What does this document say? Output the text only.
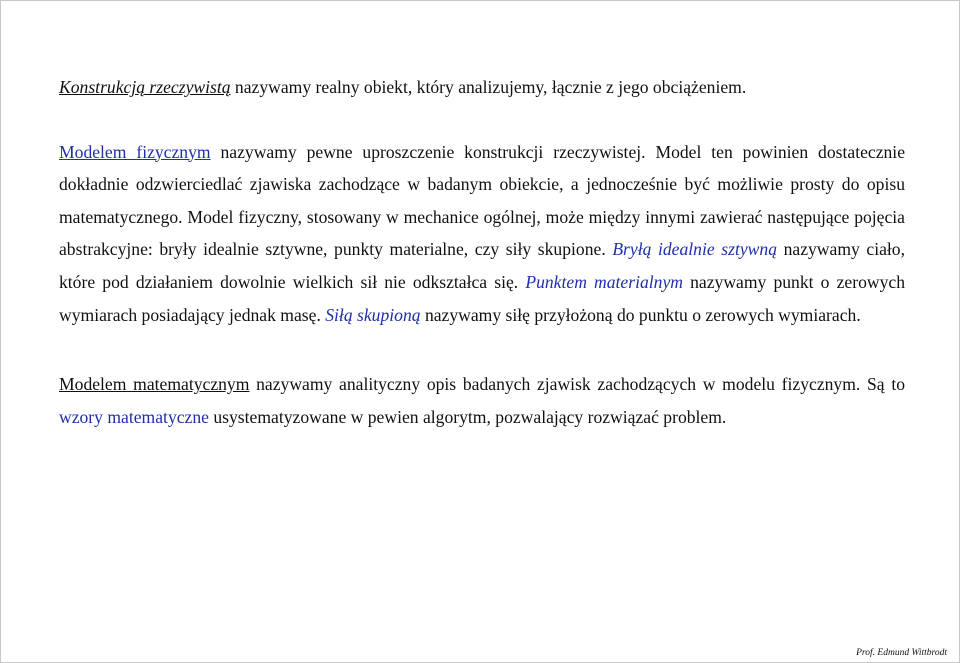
Konstrukcją rzeczywistą nazywamy realny obiekt, który analizujemy, łącznie z jego obciążeniem.

Modelem fizycznym nazywamy pewne uproszczenie konstrukcji rzeczywistej. Model ten powinien dostatecznie dokładnie odzwierciedlać zjawiska zachodzące w badanym obiekcie, a jednocześnie być możliwie prosty do opisu matematycznego. Model fizyczny, stosowany w mechanice ogólnej, może między innymi zawierać następujące pojęcia abstrakcyjne: bryły idealnie sztywne, punkty materialne, czy siły skupione. Bryłą idealnie sztywną nazywamy ciało, które pod działaniem dowolnie wielkich sił nie odkształca się. Punktem materialnym nazywamy punkt o zerowych wymiarach posiadający jednak masę. Siłą skupioną nazywamy siłę przyłożoną do punktu o zerowych wymiarach.

Modelem matematycznym nazywamy analityczny opis badanych zjawisk zachodzących w modelu fizycznym. Są to wzory matematyczne usystematyzowane w pewien algorytm, pozwalający rozwiązać problem.

Prof. Edmund Wittbrodt
